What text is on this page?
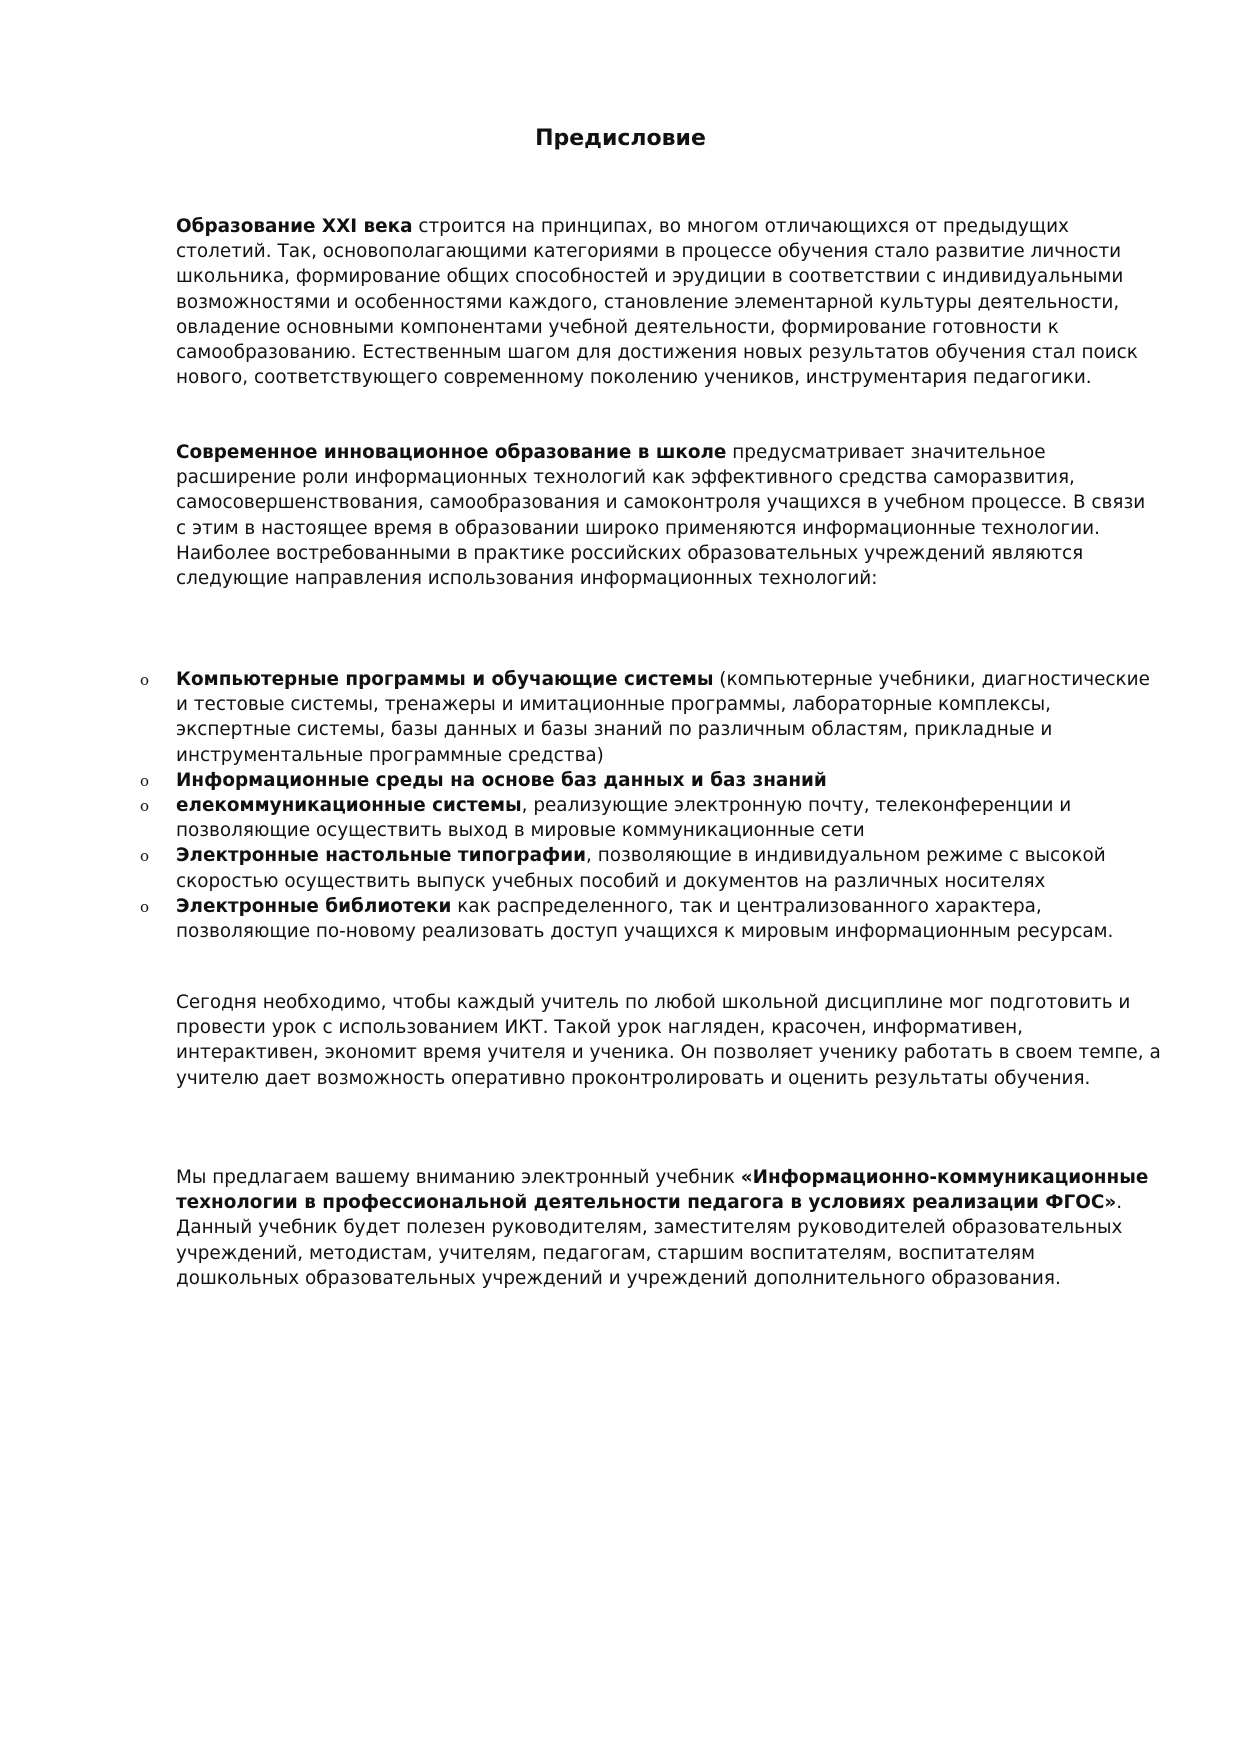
Предисловие

Образование XXI века строится на принципах, во многом отличающихся от предыдущих столетий. Так, основополагающими категориями в процессе обучения стало развитие личности школьника, формирование общих способностей и эрудиции в соответствии с индивидуальными возможностями и особенностями каждого, становление элементарной культуры деятельности, овладение основными компонентами учебной деятельности, формирование готовности к самообразованию. Естественным шагом для достижения новых результатов обучения стал поиск нового, соответствующего современному поколению учеников, инструментария педагогики.

Современное инновационное образование в школе предусматривает значительное расширение роли информационных технологий как эффективного средства саморазвития, самосовершенствования, самообразования и самоконтроля учащихся в учебном процессе. В связи с этим в настоящее время в образовании широко применяются информационные технологии. Наиболее востребованными в практике российских образовательных учреждений являются следующие направления использования информационных технологий:

o Компьютерные программы и обучающие системы (компьютерные учебники, диагностические и тестовые системы, тренажеры и имитационные программы, лабораторные комплексы, экспертные системы, базы данных и базы знаний по различным областям, прикладные и инструментальные программные средства)
o Информационные среды на основе баз данных и баз знаний
o елекоммуникационные системы, реализующие электронную почту, телеконференции и позволяющие осуществить выход в мировые коммуникационные сети
o Электронные настольные типографии, позволяющие в индивидуальном режиме с высокой скоростью осуществить выпуск учебных пособий и документов на различных носителях
o Электронные библиотеки как распределенного, так и централизованного характера, позволяющие по-новому реализовать доступ учащихся к мировым информационным ресурсам.

Сегодня необходимо, чтобы каждый учитель по любой школьной дисциплине мог подготовить и провести урок с использованием ИКТ. Такой урок нагляден, красочен, информативен, интерактивен, экономит время учителя и ученика. Он позволяет ученику работать в своем темпе, а учителю дает возможность оперативно проконтролировать и оценить результаты обучения.

Мы предлагаем вашему вниманию электронный учебник «Информационно-коммуникационные технологии в профессиональной деятельности педагога в условиях реализации ФГОС». Данный учебник будет полезен руководителям, заместителям руководителей образовательных учреждений, методистам, учителям, педагогам, старшим воспитателям, воспитателям дошкольных образовательных учреждений и учреждений дополнительного образования.
